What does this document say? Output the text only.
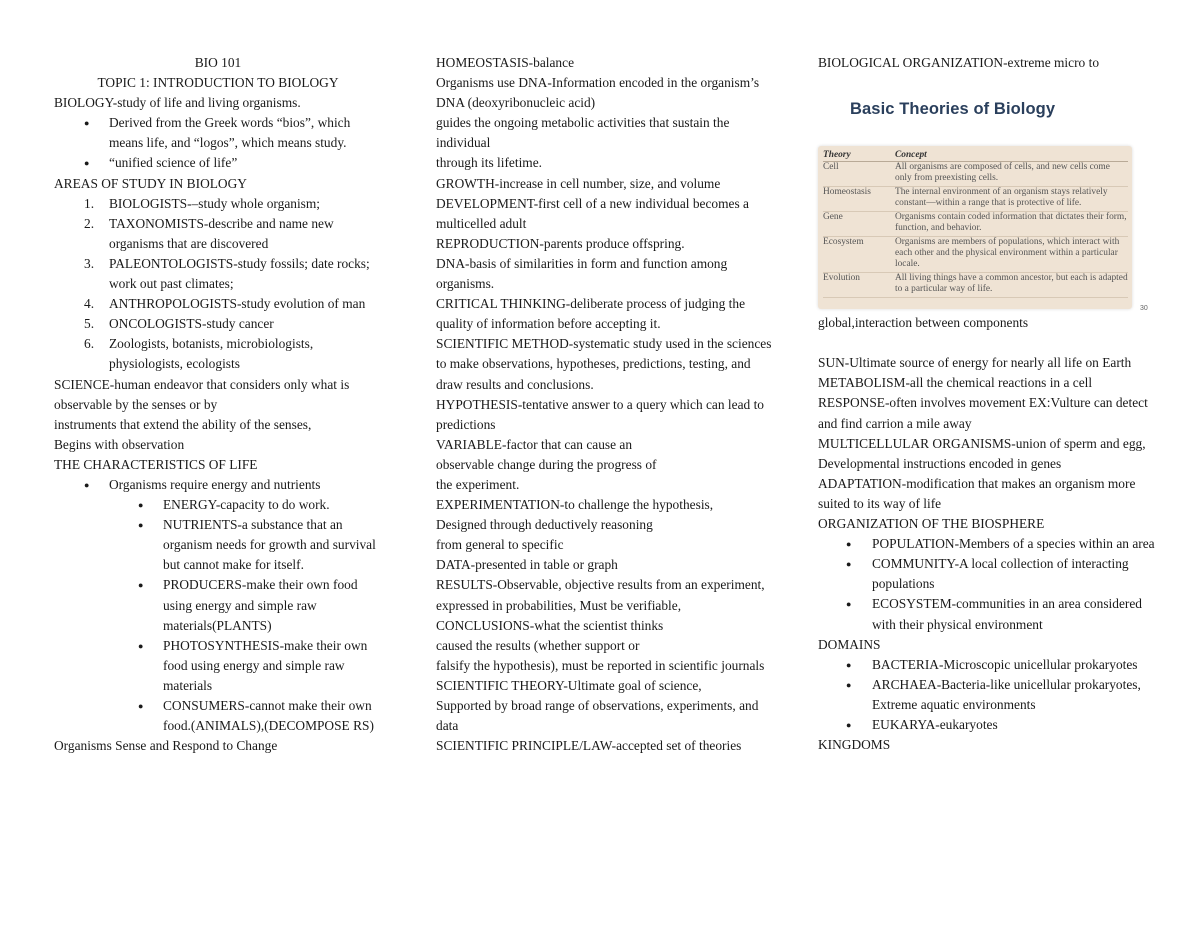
BIO 101

TOPIC 1: INTRODUCTION TO BIOLOGY

BIOLOGY-study of life and living organisms.

● Derived from the Greek words “bios”, which means life, and “logos”, which means study.
● “unified science of life”

AREAS OF STUDY IN BIOLOGY

1. BIOLOGISTS-–study whole organism;
2. TAXONOMISTS-describe and name new organisms that are discovered
3. PALEONTOLOGISTS-study fossils; date rocks; work out past climates;
4. ANTHROPOLOGISTS-study evolution of man
5. ONCOLOGISTS-study cancer
6. Zoologists, botanists, microbiologists, physiologists, ecologists

SCIENCE-human endeavor that considers only what is observable by the senses or by

instruments that extend the ability of the senses,

Begins with observation

THE CHARACTERISTICS OF LIFE

● Organisms require energy and nutrients
● ENERGY-capacity to do work.
● NUTRIENTS-a substance that an organism needs for growth and survival but cannot make for itself.
● PRODUCERS-make their own food using energy and simple raw materials(PLANTS)
● PHOTOSYNTHESIS-make their own food using energy and simple raw materials
● CONSUMERS-cannot make their own food.(ANIMALS),(DECOMPOSE RS)

Organisms Sense and Respond to Change

HOMEOSTASIS-balance

Organisms use DNA-Information encoded in the organism’s DNA (deoxyribonucleic acid)

guides the ongoing metabolic activities that sustain the individual

through its lifetime.

GROWTH-increase in cell number, size, and volume

DEVELOPMENT-first cell of a new individual becomes a multicelled adult

REPRODUCTION-parents produce offspring.

DNA-basis of similarities in form and function among organisms.

CRITICAL THINKING-deliberate process of judging the quality of information before accepting it.

SCIENTIFIC METHOD-systematic study used in the sciences to make observations, hypotheses, predictions, testing, and draw results and conclusions.

HYPOTHESIS-tentative answer to a query which can lead to predictions

VARIABLE-factor that can cause an

observable change during the progress of

the experiment.

EXPERIMENTATION-to challenge the hypothesis,

Designed through deductively reasoning

from general to specific

DATA-presented in table or graph

RESULTS-Observable, objective results from an experiment, expressed in probabilities, Must be verifiable,

CONCLUSIONS-what the scientist thinks

caused the results (whether support or

falsify the hypothesis), must be reported in scientific journals

SCIENTIFIC THEORY-Ultimate goal of science,

Supported by broad range of observations, experiments, and data

SCIENTIFIC PRINCIPLE/LAW-accepted set of theories

BIOLOGICAL ORGANIZATION-extreme micro to

Basic Theories of Biology
Theory	Concept
Cell	All organisms are composed of cells, and new cells come only from preexisting cells.
Homeostasis	The internal environment of an organism stays relatively constant—within a range that is protective of life.
Gene	Organisms contain coded information that dictates their form, function, and behavior.
Ecosystem	Organisms are members of populations, which interact with each other and the physical environment within a particular locale.
Evolution	All living things have a common ancestor, but each is adapted to a particular way of life.
30

global,interaction between components

SUN-Ultimate source of energy for nearly all life on Earth

METABOLISM-all the chemical reactions in a cell

RESPONSE-often involves movement EX:Vulture can detect and find carrion a mile away

MULTICELLULAR ORGANISMS-union of sperm and egg, Developmental instructions encoded in genes

ADAPTATION-modification that makes an organism more suited to its way of life

ORGANIZATION OF THE BIOSPHERE

● POPULATION-Members of a species within an area
● COMMUNITY-A local collection of interacting populations
● ECOSYSTEM-communities in an area considered with their physical environment

DOMAINS

● BACTERIA-Microscopic unicellular prokaryotes
● ARCHAEA-Bacteria-like unicellular prokaryotes, Extreme aquatic environments
● EUKARYA-eukaryotes

KINGDOMS
